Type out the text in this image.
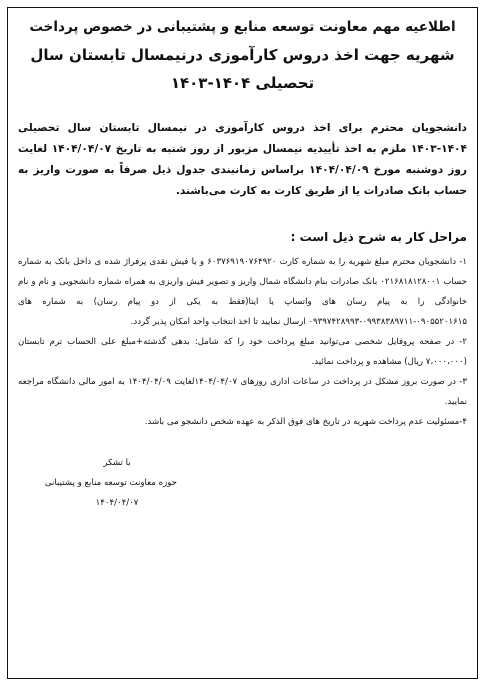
اطلاعیه مهم معاونت توسعه منابع و پشتیبانی در خصوص پرداخت

شهریه جهت اخذ دروس کارآموزی درنیمسال تابستان سال

تحصیلی ۱۴۰۴-۱۴۰۳

دانشجویان محترم برای اخذ دروس کارآموزی در نیمسال تابستان سال تحصیلی ۱۴۰۴-۱۴۰۳ ملزم به اخذ تأییدیه نیمسال مزبور از روز شنبه به تاریخ ۱۴۰۴/۰۴/۰۷ لغایت روز دوشنبه مورخ ۱۴۰۴/۰۴/۰۹ براساس زمانبندی جدول ذیل صرفاً به صورت واریز به حساب بانک صادرات یا از طریق کارت به کارت می‌باشند.
مراحل کار به شرح ذیل است :

۱- دانشجویان محترم مبلغ شهریه را به شماره کارت ۶۰۳۷۶۹۱۹۰۷۶۴۹۲۰ و یا فیش نقدی پرفراژ شده ی داخل بانک به شماره حساب ۰۲۱۶۸۱۸۱۲۸۰۰۱ بانک صادرات بنام دانشگاه شمال واریز و تصویر فیش واریزی به همراه شماره دانشجویی و نام و نام خانوادگی را به پیام رسان های واتساپ یا ایتا(فقط به یکی از دو پیام رسان) به شماره های ۰۹۰۵۵۲۰۱۶۱۵-۰۹۹۳۸۳۸۹۷۱۱-۰۹۳۹۷۴۲۸۹۹۳ ارسال نمایید تا اخذ انتخاب واحد امکان پذیر گردد.

۲- در صفحه پروفایل شخصی می‌توانید مبلغ پرداخت خود را که شامل: بدهی گذشته+مبلغ علی الحساب ترم تابستان (۷،۰۰۰،۰۰۰ ریال) مشاهده و پرداخت نمائید.

۳- در صورت بروز مشکل در پرداخت در ساعات اداری روزهای ۱۴۰۴/۰۴/۰۷لغایت ۱۴۰۴/۰۴/۰۹ به امور مالی دانشگاه مراجعه نمایید.

۴-مسئولیت عدم پرداخت شهریه در تاریخ های فوق الذکر به عهده شخص دانشجو می باشد.

با تشکر
حوزه معاونت توسعه منابع و پشتیبانی
۱۴۰۴/۰۴/۰۷
